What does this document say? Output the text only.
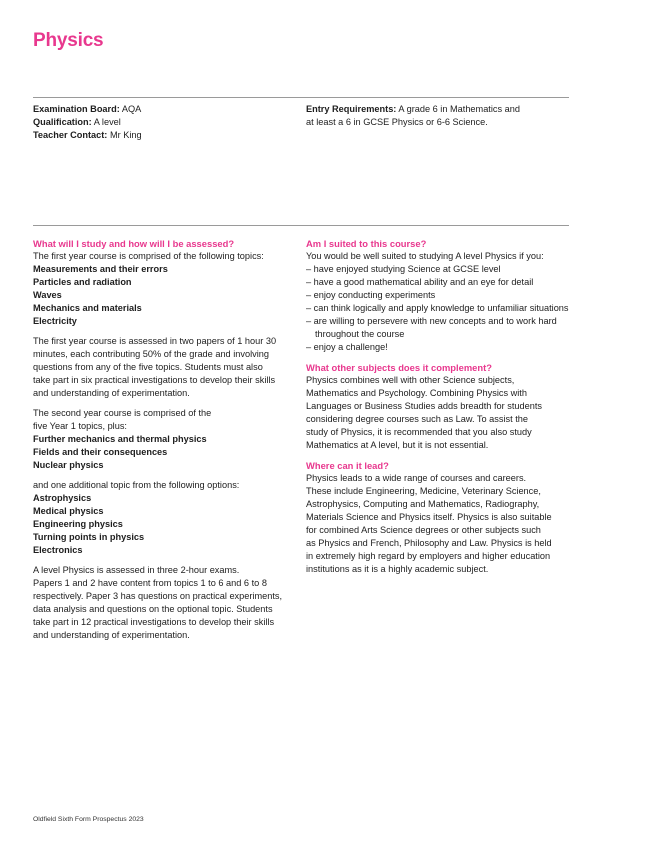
Physics

Examination Board: AQA

Qualification: A level

Teacher Contact: Mr King

Entry Requirements: A grade 6 in Mathematics and

at least a 6 in GCSE Physics or 6-6 Science.

What will I study and how will I be assessed?

The first year course is comprised of the following topics:

Measurements and their errors

Particles and radiation

Waves

Mechanics and materials

Electricity

The first year course is assessed in two papers of 1 hour 30

minutes, each contributing 50% of the grade and involving

questions from any of the five topics. Students must also

take part in six practical investigations to develop their skills

and understanding of experimentation.

The second year course is comprised of the

five Year 1 topics, plus:

Further mechanics and thermal physics

Fields and their consequences

Nuclear physics

and one additional topic from the following options:

Astrophysics

Medical physics

Engineering physics

Turning points in physics

Electronics

A level Physics is assessed in three 2-hour exams.

Papers 1 and 2 have content from topics 1 to 6 and 6 to 8

respectively. Paper 3 has questions on practical experiments,

data analysis and questions on the optional topic. Students

take part in 12 practical investigations to develop their skills

and understanding of experimentation.

Am I suited to this course?

You would be well suited to studying A level Physics if you:

– have enjoyed studying Science at GCSE level

– have a good mathematical ability and an eye for detail

– enjoy conducting experiments

– can think logically and apply knowledge to unfamiliar situations

– are willing to persevere with new concepts and to work hard throughout the course

– enjoy a challenge!

What other subjects does it complement?

Physics combines well with other Science subjects,

Mathematics and Psychology. Combining Physics with

Languages or Business Studies adds breadth for students

considering degree courses such as Law. To assist the

study of Physics, it is recommended that you also study

Mathematics at A level, but it is not essential.

Where can it lead?

Physics leads to a wide range of courses and careers.

These include Engineering, Medicine, Veterinary Science,

Astrophysics, Computing and Mathematics, Radiography,

Materials Science and Physics itself. Physics is also suitable

for combined Arts Science degrees or other subjects such

as Physics and French, Philosophy and Law. Physics is held

in extremely high regard by employers and higher education

institutions as it is a highly academic subject.

Oldfield Sixth Form Prospectus 2023
